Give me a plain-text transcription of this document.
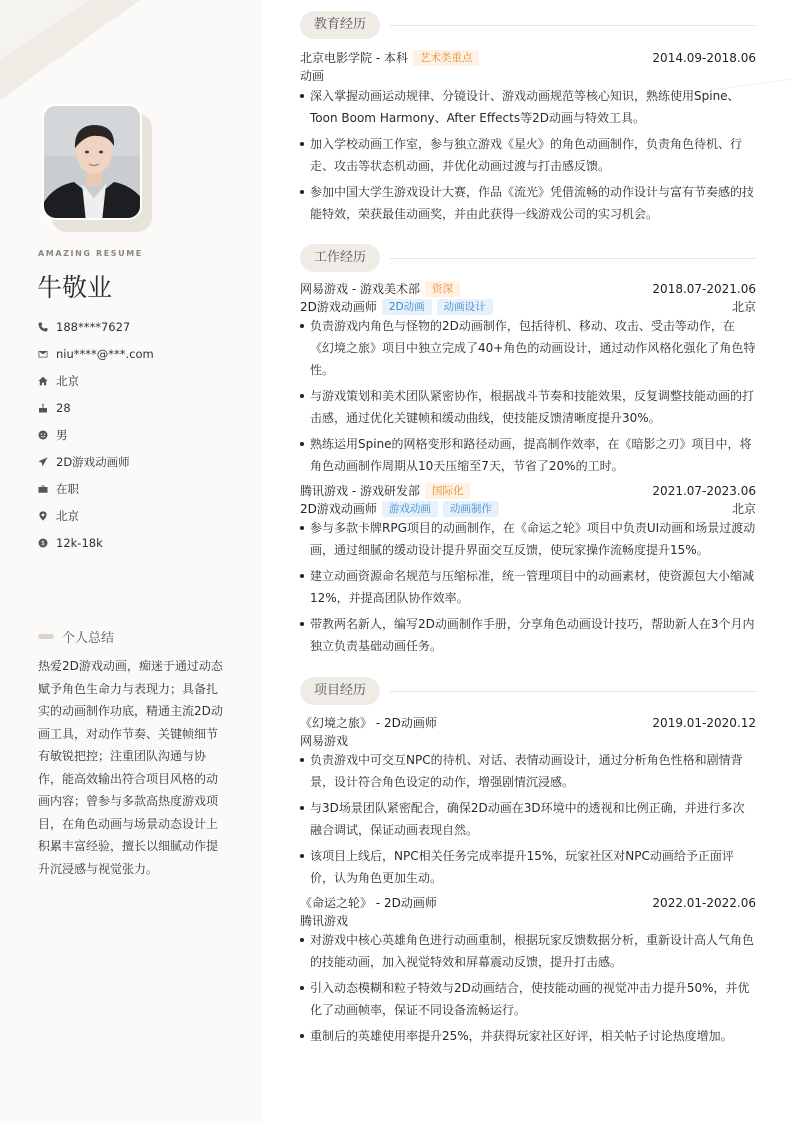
AMAZING RESUME
牛敬业
188****7627
niu****@***.com
北京
28
男
2D游戏动画师
在职
北京
$ 12k-18k
个人总结
热爱2D游戏动画，痴迷于通过动态赋予角色生命力与表现力；具备扎实的动画制作功底，精通主流2D动画工具，对动作节奏、关键帧细节有敏锐把控；注重团队沟通与协作，能高效输出符合项目风格的动画内容；曾参与多款高热度游戏项目，在角色动画与场景动态设计上积累丰富经验，擅长以细腻动作提升沉浸感与视觉张力。
教育经历
北京电影学院 - 本科	艺术类重点	2014.09-2018.06
动画
深入掌握动画运动规律、分镜设计、游戏动画规范等核心知识，熟练使用Spine、Toon Boom Harmony、After Effects等2D动画与特效工具。
加入学校动画工作室，参与独立游戏《星火》的角色动画制作，负责角色待机、行走、攻击等状态机动画，并优化动画过渡与打击感反馈。
参加中国大学生游戏设计大赛，作品《流光》凭借流畅的动作设计与富有节奏感的技能特效，荣获最佳动画奖，并由此获得一线游戏公司的实习机会。
工作经历
网易游戏 - 游戏美术部	资深	2018.07-2021.06
2D游戏动画师	2D动画	动画设计	北京
负责游戏内角色与怪物的2D动画制作，包括待机、移动、攻击、受击等动作，在《幻境之旅》项目中独立完成了40+角色的动画设计，通过动作风格化强化了角色特性。
与游戏策划和美术团队紧密协作，根据战斗节奏和技能效果，反复调整技能动画的打击感，通过优化关键帧和缓动曲线，使技能反馈清晰度提升30%。
熟练运用Spine的网格变形和路径动画，提高制作效率，在《暗影之刃》项目中，将角色动画制作周期从10天压缩至7天，节省了20%的工时。
腾讯游戏 - 游戏研发部	国际化	2021.07-2023.06
2D游戏动画师	游戏动画	动画制作	北京
参与多款卡牌RPG项目的动画制作，在《命运之轮》项目中负责UI动画和场景过渡动画，通过细腻的缓动设计提升界面交互反馈，使玩家操作流畅度提升15%。
建立动画资源命名规范与压缩标准，统一管理项目中的动画素材，使资源包大小缩减12%，并提高团队协作效率。
带教两名新人，编写2D动画制作手册，分享角色动画设计技巧，帮助新人在3个月内独立负责基础动画任务。
项目经历
《幻境之旅》 - 2D动画师	2019.01-2020.12
网易游戏
负责游戏中可交互NPC的待机、对话、表情动画设计，通过分析角色性格和剧情背景，设计符合角色设定的动作，增强剧情沉浸感。
与3D场景团队紧密配合，确保2D动画在3D环境中的透视和比例正确，并进行多次融合调试，保证动画表现自然。
该项目上线后，NPC相关任务完成率提升15%，玩家社区对NPC动画给予正面评价，认为角色更加生动。
《命运之轮》 - 2D动画师	2022.01-2022.06
腾讯游戏
对游戏中核心英雄角色进行动画重制，根据玩家反馈数据分析，重新设计高人气角色的技能动画，加入视觉特效和屏幕震动反馈，提升打击感。
引入动态模糊和粒子特效与2D动画结合，使技能动画的视觉冲击力提升50%，并优化了动画帧率，保证不同设备流畅运行。
重制后的英雄使用率提升25%，并获得玩家社区好评，相关帖子讨论热度增加。
